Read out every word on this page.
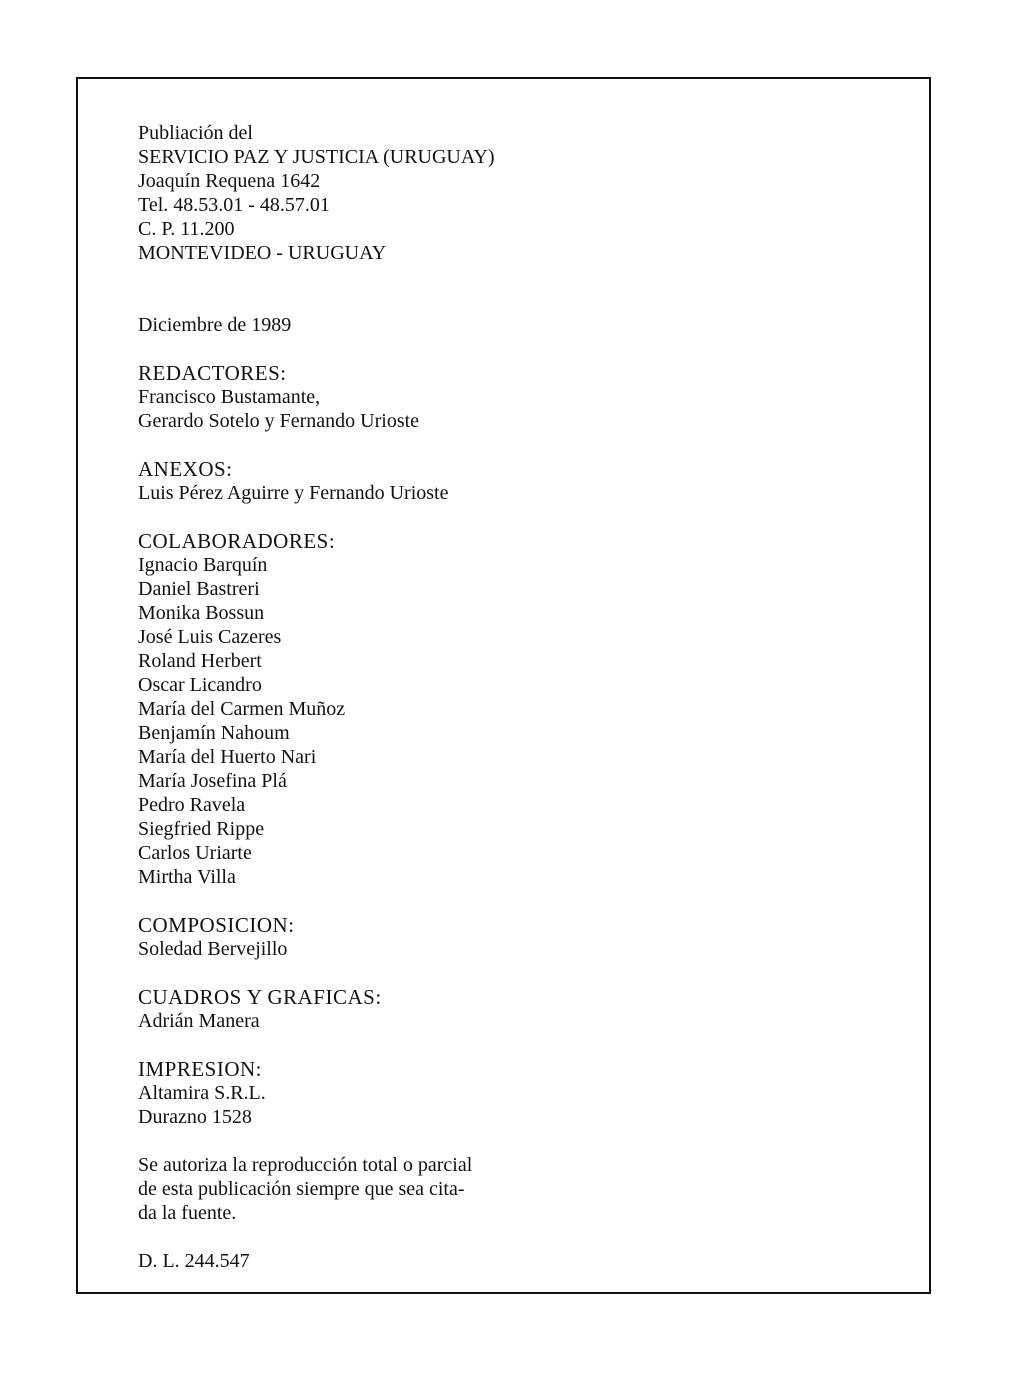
Publiación del
SERVICIO PAZ Y JUSTICIA (URUGUAY)
Joaquín Requena 1642
Tel. 48.53.01 - 48.57.01
C. P. 11.200
MONTEVIDEO - URUGUAY
Diciembre de 1989
REDACTORES:
Francisco Bustamante,
Gerardo Sotelo y Fernando Urioste
ANEXOS:
Luis Pérez Aguirre y Fernando Urioste
COLABORADORES:
Ignacio Barquín
Daniel Bastreri
Monika Bossun
José Luis Cazeres
Roland Herbert
Oscar Licandro
María del Carmen Muñoz
Benjamín Nahoum
María del Huerto Nari
María Josefina Plá
Pedro Ravela
Siegfried Rippe
Carlos Uriarte
Mirtha Villa
COMPOSICION:
Soledad Bervejillo
CUADROS Y GRAFICAS:
Adrián Manera
IMPRESION:
Altamira S.R.L.
Durazno 1528
Se autoriza la reproducción total o parcial
de esta publicación siempre que sea cita-
da la fuente.
D. L. 244.547
